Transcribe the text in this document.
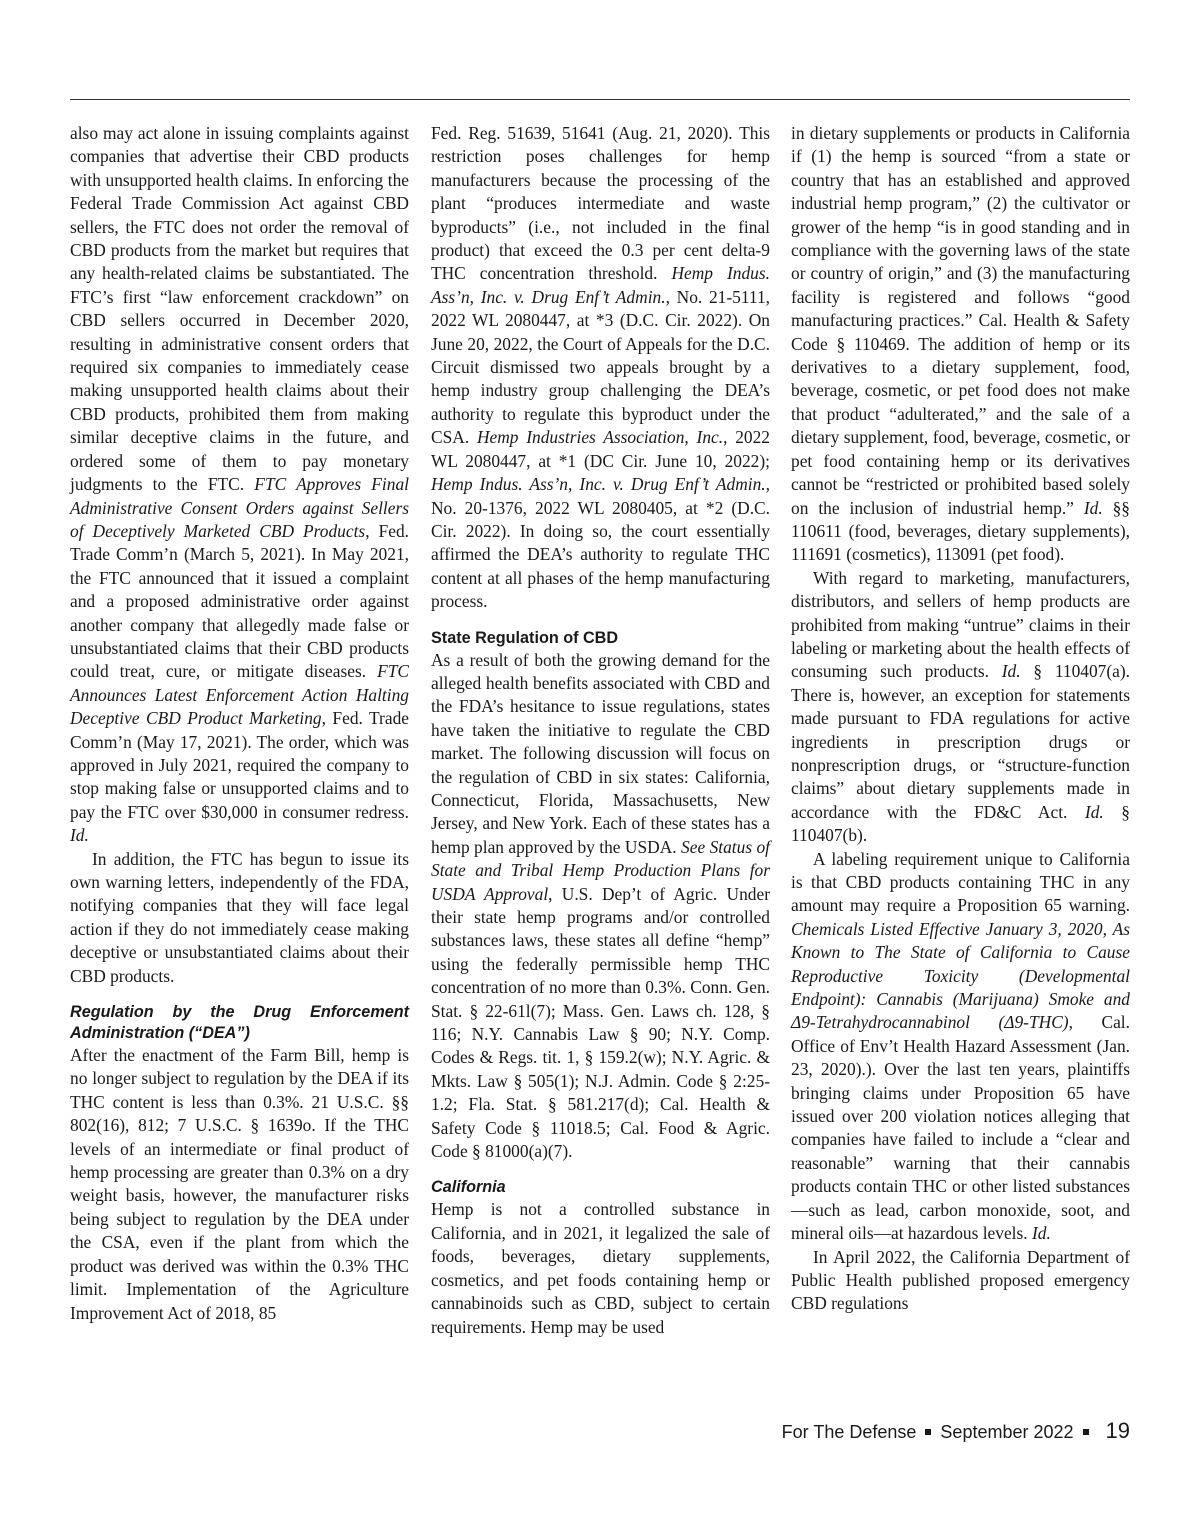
also may act alone in issuing complaints against companies that advertise their CBD products with unsupported health claims. In enforcing the Federal Trade Commission Act against CBD sellers, the FTC does not order the removal of CBD products from the market but requires that any health-related claims be substantiated. The FTC’s first “law enforcement crackdown” on CBD sellers occurred in December 2020, resulting in administrative consent orders that required six companies to immediately cease making unsupported health claims about their CBD products, prohibited them from making similar deceptive claims in the future, and ordered some of them to pay monetary judgments to the FTC. FTC Approves Final Administrative Consent Orders against Sellers of Deceptively Marketed CBD Products, Fed. Trade Comm’n (March 5, 2021). In May 2021, the FTC announced that it issued a complaint and a proposed administrative order against another company that allegedly made false or unsubstantiated claims that their CBD products could treat, cure, or mitigate diseases. FTC Announces Latest Enforcement Action Halting Deceptive CBD Product Marketing, Fed. Trade Comm’n (May 17, 2021). The order, which was approved in July 2021, required the company to stop making false or unsupported claims and to pay the FTC over $30,000 in consumer redress. Id.

In addition, the FTC has begun to issue its own warning letters, independently of the FDA, notifying companies that they will face legal action if they do not immediately cease making deceptive or unsubstantiated claims about their CBD products.

Regulation by the Drug Enforcement Administration (“DEA”)

After the enactment of the Farm Bill, hemp is no longer subject to regulation by the DEA if its THC content is less than 0.3%. 21 U.S.C. §§ 802(16), 812; 7 U.S.C. § 1639o. If the THC levels of an intermediate or final product of hemp processing are greater than 0.3% on a dry weight basis, however, the manufacturer risks being subject to regulation by the DEA under the CSA, even if the plant from which the product was derived was within the 0.3% THC limit. Implementation of the Agriculture Improvement Act of 2018, 85

Fed. Reg. 51639, 51641 (Aug. 21, 2020). This restriction poses challenges for hemp manufacturers because the processing of the plant “produces intermediate and waste byproducts” (i.e., not included in the final product) that exceed the 0.3 per cent delta-9 THC concentration threshold. Hemp Indus. Ass’n, Inc. v. Drug Enf’t Admin., No. 21-5111, 2022 WL 2080447, at *3 (D.C. Cir. 2022). On June 20, 2022, the Court of Appeals for the D.C. Circuit dismissed two appeals brought by a hemp industry group challenging the DEA’s authority to regulate this byproduct under the CSA. Hemp Industries Association, Inc., 2022 WL 2080447, at *1 (DC Cir. June 10, 2022); Hemp Indus. Ass’n, Inc. v. Drug Enf’t Admin., No. 20-1376, 2022 WL 2080405, at *2 (D.C. Cir. 2022). In doing so, the court essentially affirmed the DEA’s authority to regulate THC content at all phases of the hemp manufacturing process.

State Regulation of CBD

As a result of both the growing demand for the alleged health benefits associated with CBD and the FDA’s hesitance to issue regulations, states have taken the initiative to regulate the CBD market. The following discussion will focus on the regulation of CBD in six states: California, Connecticut, Florida, Massachusetts, New Jersey, and New York. Each of these states has a hemp plan approved by the USDA. See Status of State and Tribal Hemp Production Plans for USDA Approval, U.S. Dep’t of Agric. Under their state hemp programs and/or controlled substances laws, these states all define “hemp” using the federally permissible hemp THC concentration of no more than 0.3%. Conn. Gen. Stat. § 22-61l(7); Mass. Gen. Laws ch. 128, § 116; N.Y. Cannabis Law § 90; N.Y. Comp. Codes & Regs. tit. 1, § 159.2(w); N.Y. Agric. & Mkts. Law § 505(1); N.J. Admin. Code § 2:25-1.2; Fla. Stat. § 581.217(d); Cal. Health & Safety Code § 11018.5; Cal. Food & Agric. Code § 81000(a)(7).

California

Hemp is not a controlled substance in California, and in 2021, it legalized the sale of foods, beverages, dietary supplements, cosmetics, and pet foods containing hemp or cannabinoids such as CBD, subject to certain requirements. Hemp may be used

in dietary supplements or products in California if (1) the hemp is sourced “from a state or country that has an established and approved industrial hemp program,” (2) the cultivator or grower of the hemp “is in good standing and in compliance with the governing laws of the state or country of origin,” and (3) the manufacturing facility is registered and follows “good manufacturing practices.” Cal. Health & Safety Code § 110469. The addition of hemp or its derivatives to a dietary supplement, food, beverage, cosmetic, or pet food does not make that product “adulterated,” and the sale of a dietary supplement, food, beverage, cosmetic, or pet food containing hemp or its derivatives cannot be “restricted or prohibited based solely on the inclusion of industrial hemp.” Id. §§ 110611 (food, beverages, dietary supplements), 111691 (cosmetics), 113091 (pet food).

With regard to marketing, manufacturers, distributors, and sellers of hemp products are prohibited from making “untrue” claims in their labeling or marketing about the health effects of consuming such products. Id. § 110407(a). There is, however, an exception for statements made pursuant to FDA regulations for active ingredients in prescription drugs or nonprescription drugs, or “structure-function claims” about dietary supplements made in accordance with the FD&C Act. Id. § 110407(b).

A labeling requirement unique to California is that CBD products containing THC in any amount may require a Proposition 65 warning. Chemicals Listed Effective January 3, 2020, As Known to The State of California to Cause Reproductive Toxicity (Developmental Endpoint): Cannabis (Marijuana) Smoke and Δ9-Tetrahydrocannabinol (Δ9-THC), Cal. Office of Env’t Health Hazard Assessment (Jan. 23, 2020).). Over the last ten years, plaintiffs bringing claims under Proposition 65 have issued over 200 violation notices alleging that companies have failed to include a “clear and reasonable” warning that their cannabis products contain THC or other listed substances—such as lead, carbon monoxide, soot, and mineral oils—at hazardous levels. Id.

In April 2022, the California Department of Public Health published proposed emergency CBD regulations

For The Defense September 2022 19
